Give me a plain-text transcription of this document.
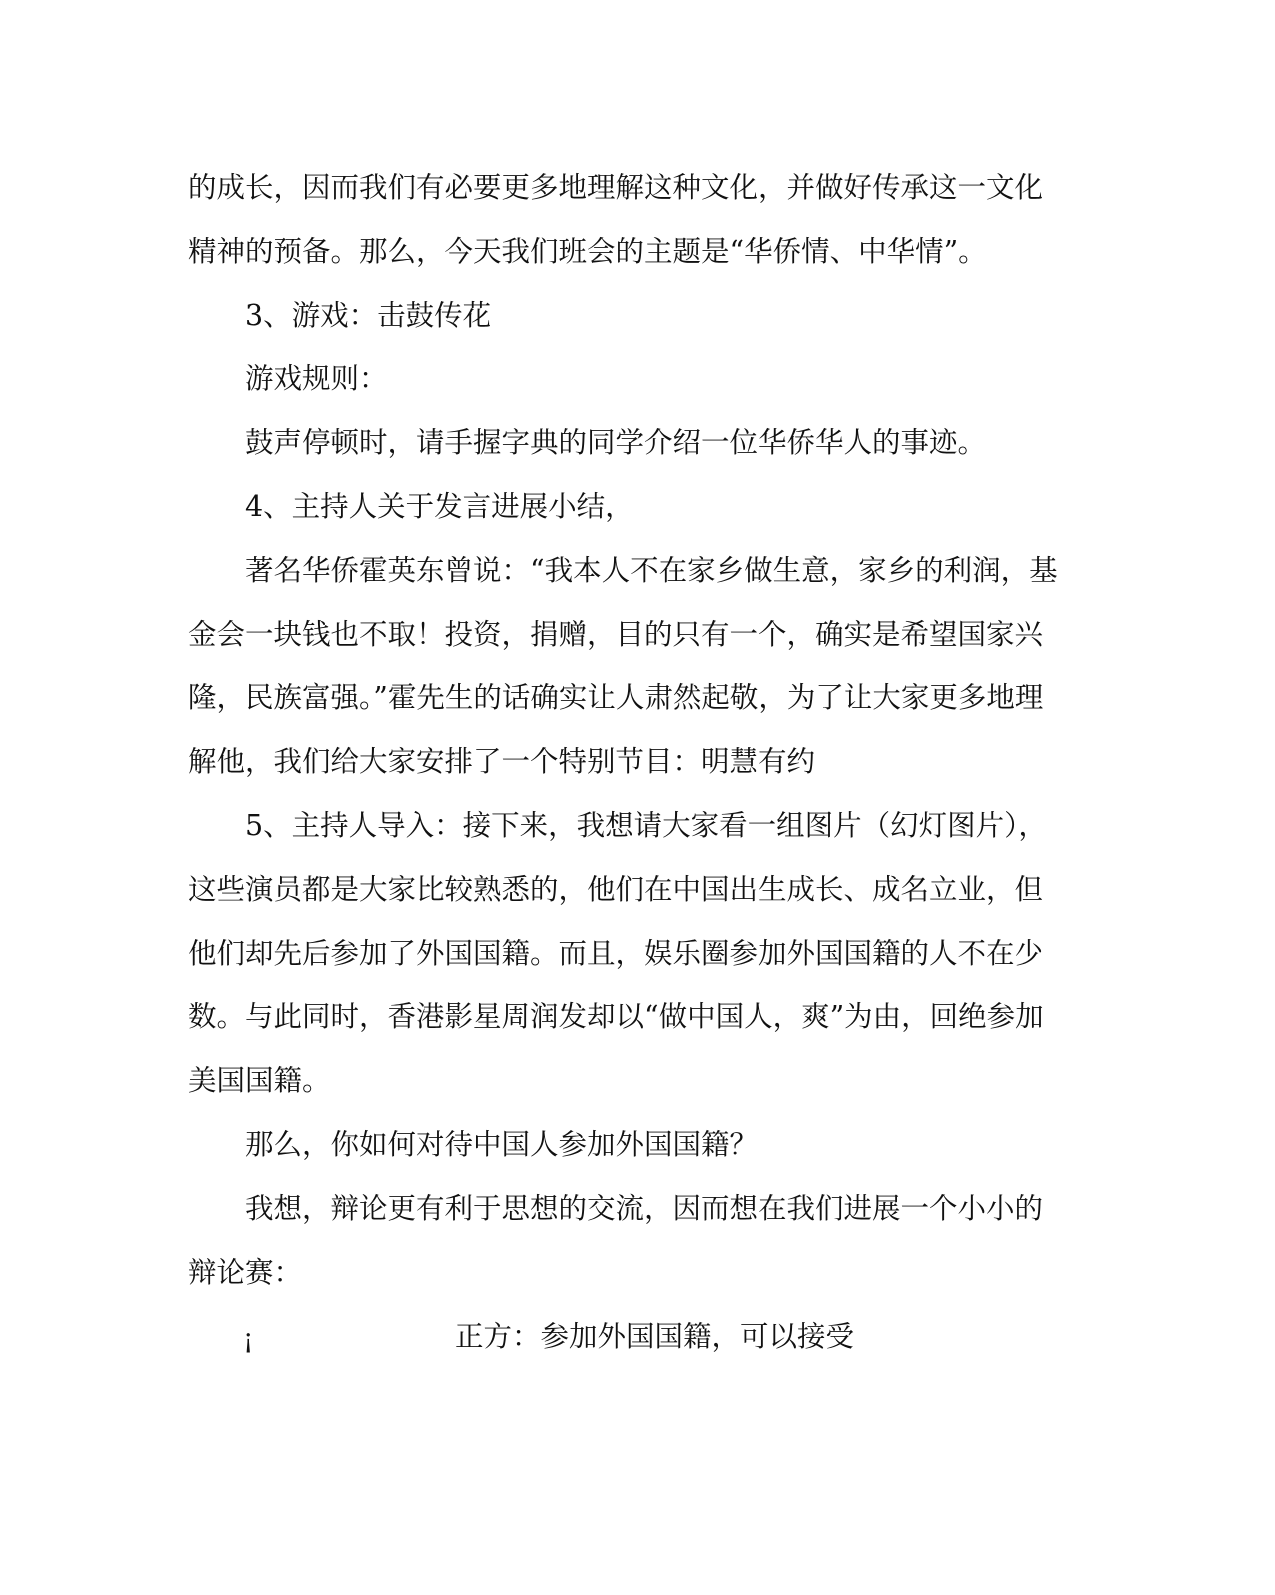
的成长，因而我们有必要更多地理解这种文化，并做好传承这一文化
精神的预备。那么，今天我们班会的主题是“华侨情、中华情”。
3、游戏：击鼓传花
游戏规则：
鼓声停顿时，请手握字典的同学介绍一位华侨华人的事迹。
4、主持人关于发言进展小结，
著名华侨霍英东曾说：“我本人不在家乡做生意，家乡的利润，基
金会一块钱也不取！投资，捐赠，目的只有一个，确实是希望国家兴
隆，民族富强。”霍先生的话确实让人肃然起敬，为了让大家更多地理
解他，我们给大家安排了一个特别节目：明慧有约
5、主持人导入：接下来，我想请大家看一组图片（幻灯图片），
这些演员都是大家比较熟悉的，他们在中国出生成长、成名立业，但
他们却先后参加了外国国籍。而且，娱乐圈参加外国国籍的人不在少
数。与此同时，香港影星周润发却以“做中国人，爽”为由，回绝参加
美国国籍。
那么，你如何对待中国人参加外国国籍？
我想，辩论更有利于思想的交流，因而想在我们进展一个小小的
辩论赛：
¡	正方：参加外国国籍，可以接受
